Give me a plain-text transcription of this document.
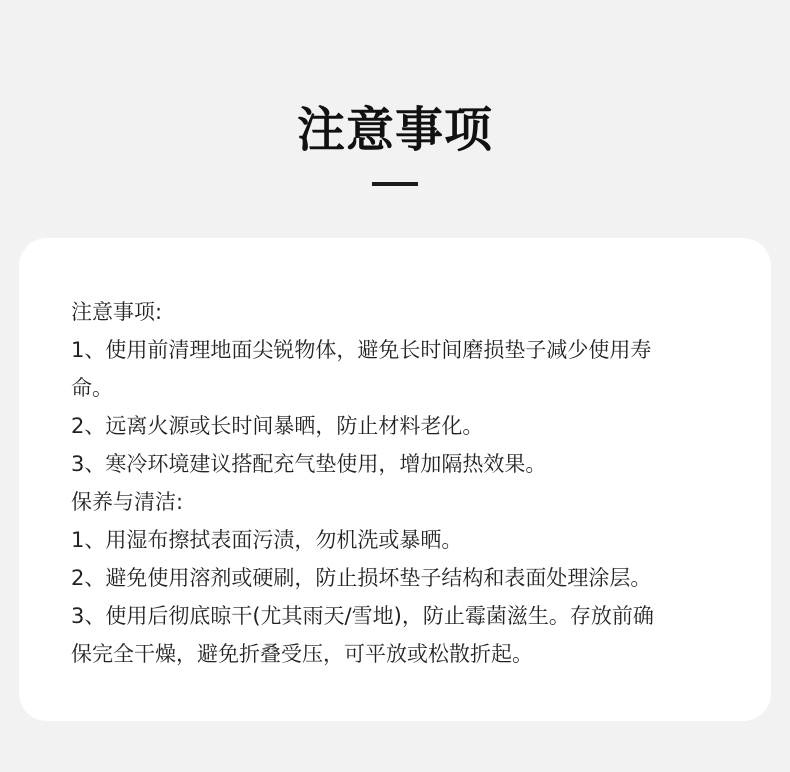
注意事项
注意事项:
1、使用前清理地面尖锐物体，避免长时间磨损垫子减少使用寿
命。
2、远离火源或长时间暴晒，防止材料老化。
3、寒冷环境建议搭配充气垫使用，增加隔热效果。
保养与清洁:
1、用湿布擦拭表面污渍，勿机洗或暴晒。
2、避免使用溶剂或硬刷，防止损坏垫子结构和表面处理涂层。
3、使用后彻底晾干(尤其雨天/雪地)，防止霉菌滋生。存放前确
保完全干燥，避免折叠受压，可平放或松散折起。
